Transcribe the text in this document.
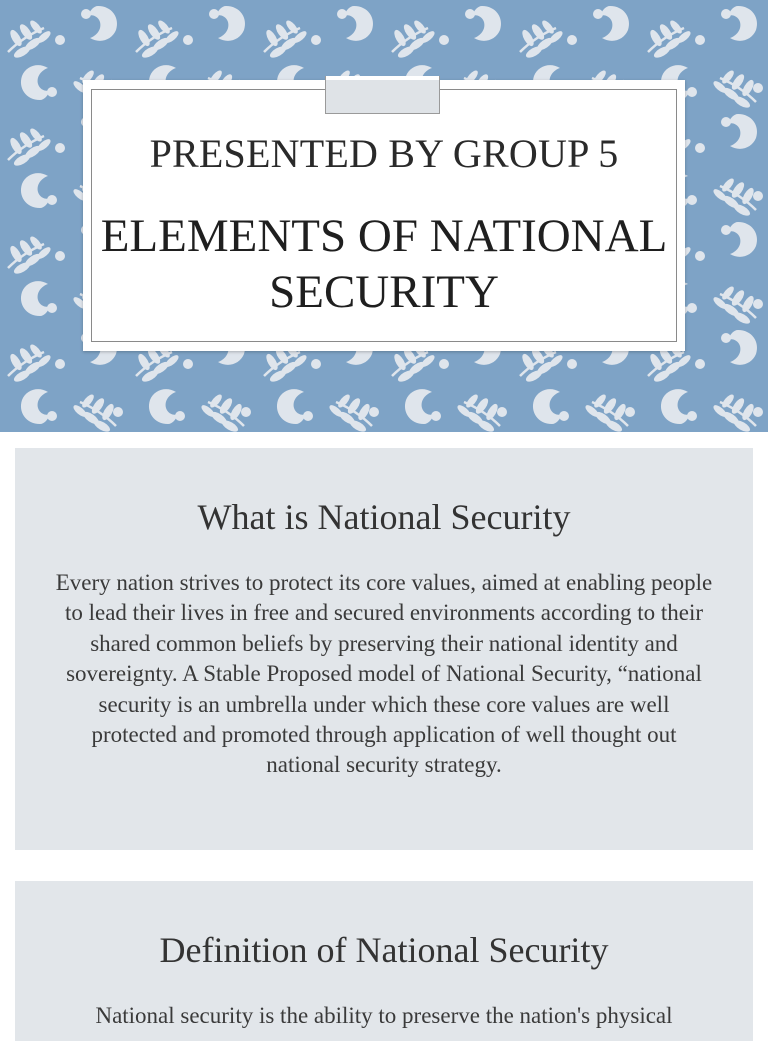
PRESENTED BY GROUP 5
ELEMENTS OF NATIONAL SECURITY
What is National Security

Every nation strives to protect its core values, aimed at enabling people to lead their lives in free and secured environments according to their shared common beliefs by preserving their national identity and sovereignty. A Stable Proposed model of National Security, “national security is an umbrella under which these core values are well protected and promoted through application of well thought out national security strategy.

Definition of National Security

National security is the ability to preserve the nation's physical
